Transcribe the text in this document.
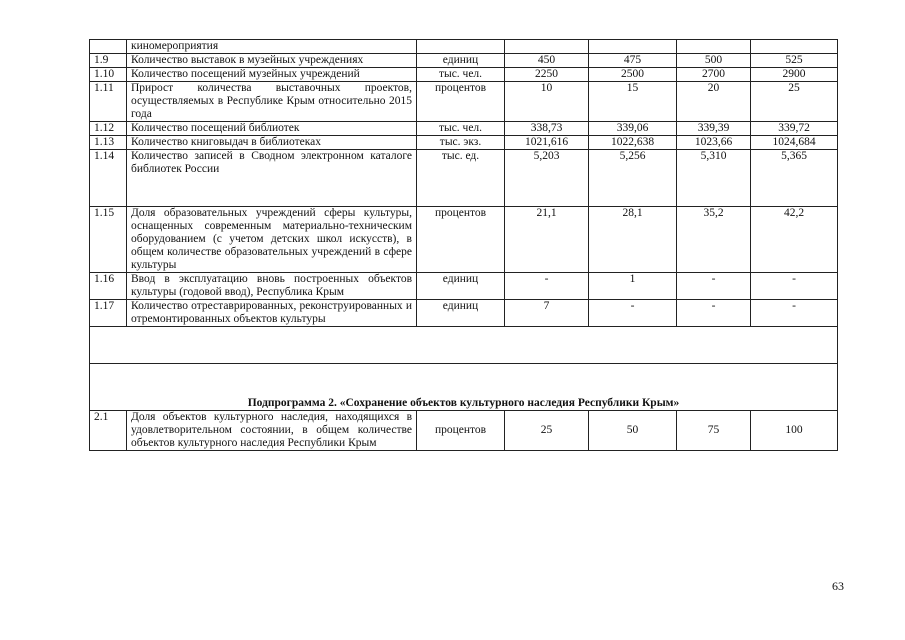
	киномероприятия					
1.9	Количество выставок в музейных учреждениях	единиц	450	475	500	525
1.10	Количество посещений музейных учреждений	тыс. чел.	2250	2500	2700	2900
1.11	Прирост количества выставочных проектов, осуществляемых в Республике Крым относительно 2015 года	процентов	10	15	20	25
1.12	Количество посещений библиотек	тыс. чел.	338,73	339,06	339,39	339,72
1.13	Количество книговыдач в библиотеках	тыс. экз.	1021,616	1022,638	1023,66	1024,684
1.14	Количество записей в Сводном электронном каталоге библиотек России	тыс. ед.	5,203	5,256	5,310	5,365
1.15	Доля образовательных учреждений сферы культуры, оснащенных современным материально-техническим оборудованием (с учетом детских школ искусств), в общем количестве образовательных учреждений в сфере культуры	процентов	21,1	28,1	35,2	42,2
1.16	Ввод в эксплуатацию вновь построенных объектов культуры (годовой ввод), Республика Крым	единиц	-	1	-	-
1.17	Количество отреставрированных, реконструированных и отремонтированных объектов культуры	единиц	7	-	-	-

Подпрограмма 2. «Сохранение объектов культурного наследия Республики Крым»						
2.1	Доля объектов культурного наследия, находящихся в удовлетворительном состоянии, в общем количестве объектов культурного наследия Республики Крым	процентов	25	50	75	100
63
